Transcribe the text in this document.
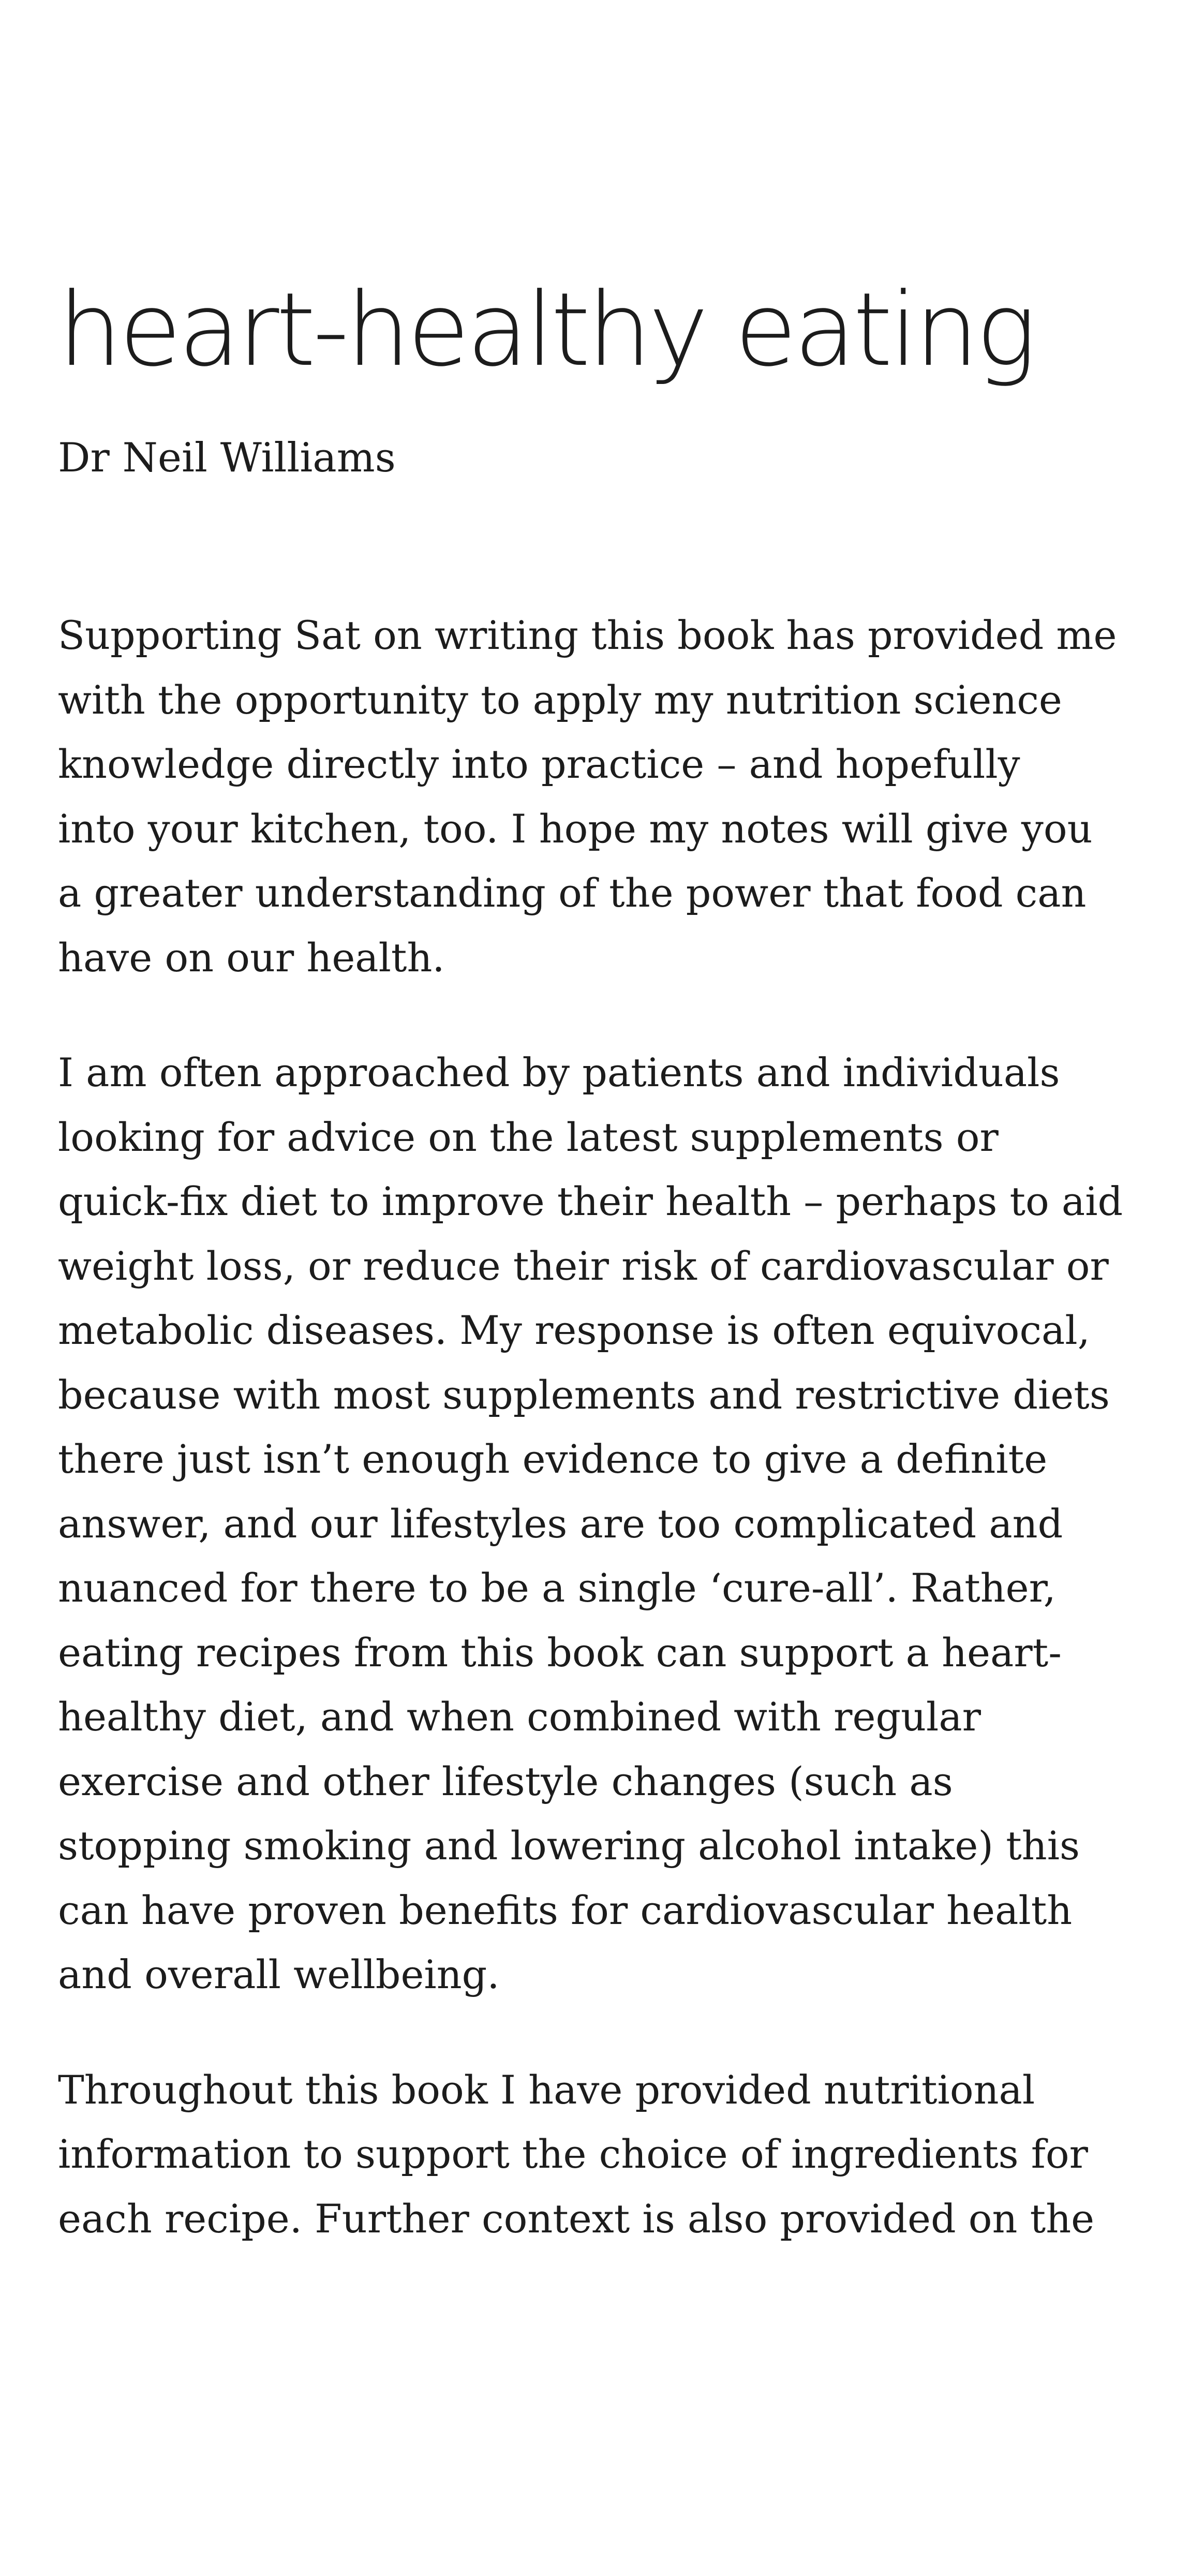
heart-healthy eating

Dr Neil Williams

Supporting Sat on writing this book has provided me
with the opportunity to apply my nutrition science
knowledge directly into practice – and hopefully
into your kitchen, too. I hope my notes will give you
a greater understanding of the power that food can
have on our health.

I am often approached by patients and individuals
looking for advice on the latest supplements or
quick-fix diet to improve their health – perhaps to aid
weight loss, or reduce their risk of cardiovascular or
metabolic diseases. My response is often equivocal,
because with most supplements and restrictive diets
there just isn’t enough evidence to give a definite
answer, and our lifestyles are too complicated and
nuanced for there to be a single ‘cure-all’. Rather,
eating recipes from this book can support a heart-
healthy diet, and when combined with regular
exercise and other lifestyle changes (such as
stopping smoking and lowering alcohol intake) this
can have proven benefits for cardiovascular health
and overall wellbeing.

Throughout this book I have provided nutritional
information to support the choice of ingredients for
each recipe. Further context is also provided on the
